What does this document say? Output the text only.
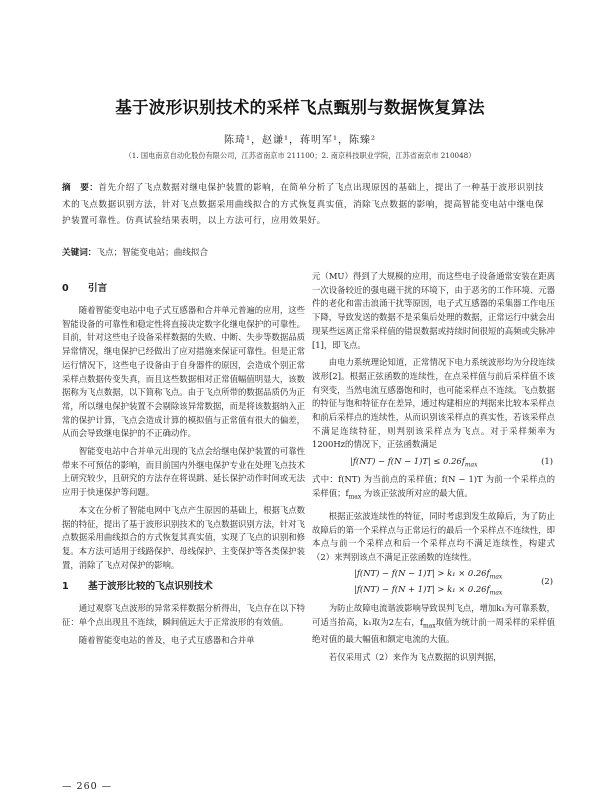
基于波形识别技术的采样飞点甄别与数据恢复算法
陈琦¹，赵谦¹，蒋明军¹，陈臻²
（1. 国电南京自动化股份有限公司，江苏省南京市 211100；2. 南京科技职业学院，江苏省南京市 210048）
摘　要：首先介绍了飞点数据对继电保护装置的影响，在简单分析了飞点出现原因的基础上，提出了一种基于波形识别技术的飞点数据识别方法，针对飞点数据采用曲线拟合的方式恢复真实值，消除飞点数据的影响，提高智能变电站中继电保护装置可靠性。仿真试验结果表明，以上方法可行，应用效果好。
关键词：飞点；智能变电站；曲线拟合
0 引言

随着智能变电站中电子式互感器和合并单元普遍的应用，这些智能设备的可靠性和稳定性将直接决定数字化继电保护的可靠性。目前，针对这些电子设备采样数据的失败、中断、失步等数据品质异常情况，继电保护已经做出了应对措施来保证可靠性。但是正常运行情况下，这些电子设备由于自身器件的原因，会造成个别正常采样点数据传变失真，而且这些数据相对正常值幅值明显大，该数据称为飞点数据，以下简称飞点。由于飞点所带的数据品质仍为正常，所以继电保护装置不会剔除该异常数据，而是将该数据纳入正常的保护计算，飞点会造成计算的模拟值与正常值有很大的偏差，从而会导致继电保护的不正确动作。

智能变电站中合并单元出现的飞点会给继电保护装置的可靠性带来不可预估的影响，而目前国内外继电保护专业在处理飞点技术上研究较少，且研究的方法存在将误跳、延长保护动作时间或无法应用于快速保护等问题。

本文在分析了智能电网中飞点产生原因的基础上，根据飞点数据的特征，提出了基于波形识别技术的飞点数据识别方法，针对飞点数据采用曲线拟合的方式恢复其真实值，实现了飞点的识别和修复。本方法可适用于线路保护、母线保护、主变保护等各类保护装置，消除了飞点对保护的影响。

1 基于波形比较的飞点识别技术

通过观察飞点波形的异常采样数据分析得出，飞点存在以下特征：单个点出现且不连续，瞬间值远大于正常波形的有效值。

随着智能变电站的普及，电子式互感器和合并单

元（MU）得到了大规模的应用，而这些电子设备通常安装在距离一次设备较近的强电磁干扰的环境下，由于恶劣的工作环境、元器件的老化和雷击浪涌干扰等原因，电子式互感器的采集器工作电压下降，导致发送的数据不是采集后处理的数据，正常运行中就会出现某些远离正常采样值的错误数据或持续时间很短的高频或尖脉冲[1]，即飞点。

由电力系统理论知道，正常情况下电力系统波形均为分段连续波形[2]。根据正弦函数的连续性，在点采样值与前后采样值不该有突变，当然电流互感器饱和时，也可能采样点不连续。飞点数据的特征与饱和特征存在差异，通过构建相应的判据来比较本采样点和前后采样点的连续性，从而识别该采样点的真实性，若该采样点不满足连续特征，则判别该采样点为飞点。对于采样频率为1200Hz的情况下，正弦函数满足

$|f(NT) - f(N - 1)T| \le 0.26f_{max}$	(1)

式中：f(NT) 为当前点的采样值；f(N − 1)T 为前一个采样点的采样值；$f_{max}$ 为该正弦波所对应的最大值。

根据正弦波连续性的特征，同时考虑到发生故障后，为了防止故障后的第一个采样点与正常运行的最后一个采样点不连续性，即本点与前一个采样点和后一个采样点均不满足连续性，构建式（2）来判别该点不满足正弦函数的连续性。

$|f(NT) - f(N - 1)T| > k_1 \times 0.26f_{max}$
$|f(NT) - f(N + 1)T| > k_1 \times 0.26f_{max}$
(2)

为防止故障电流谐波影响导致误判飞点，增加k₁为可靠系数，可适当抬高，k₁取为2左右，$f_{max}$取值为统计前一周采样的采样值绝对值的最大幅值和额定电流的大值。

若仅采用式（2）来作为飞点数据的识别判据，

— 260 —
